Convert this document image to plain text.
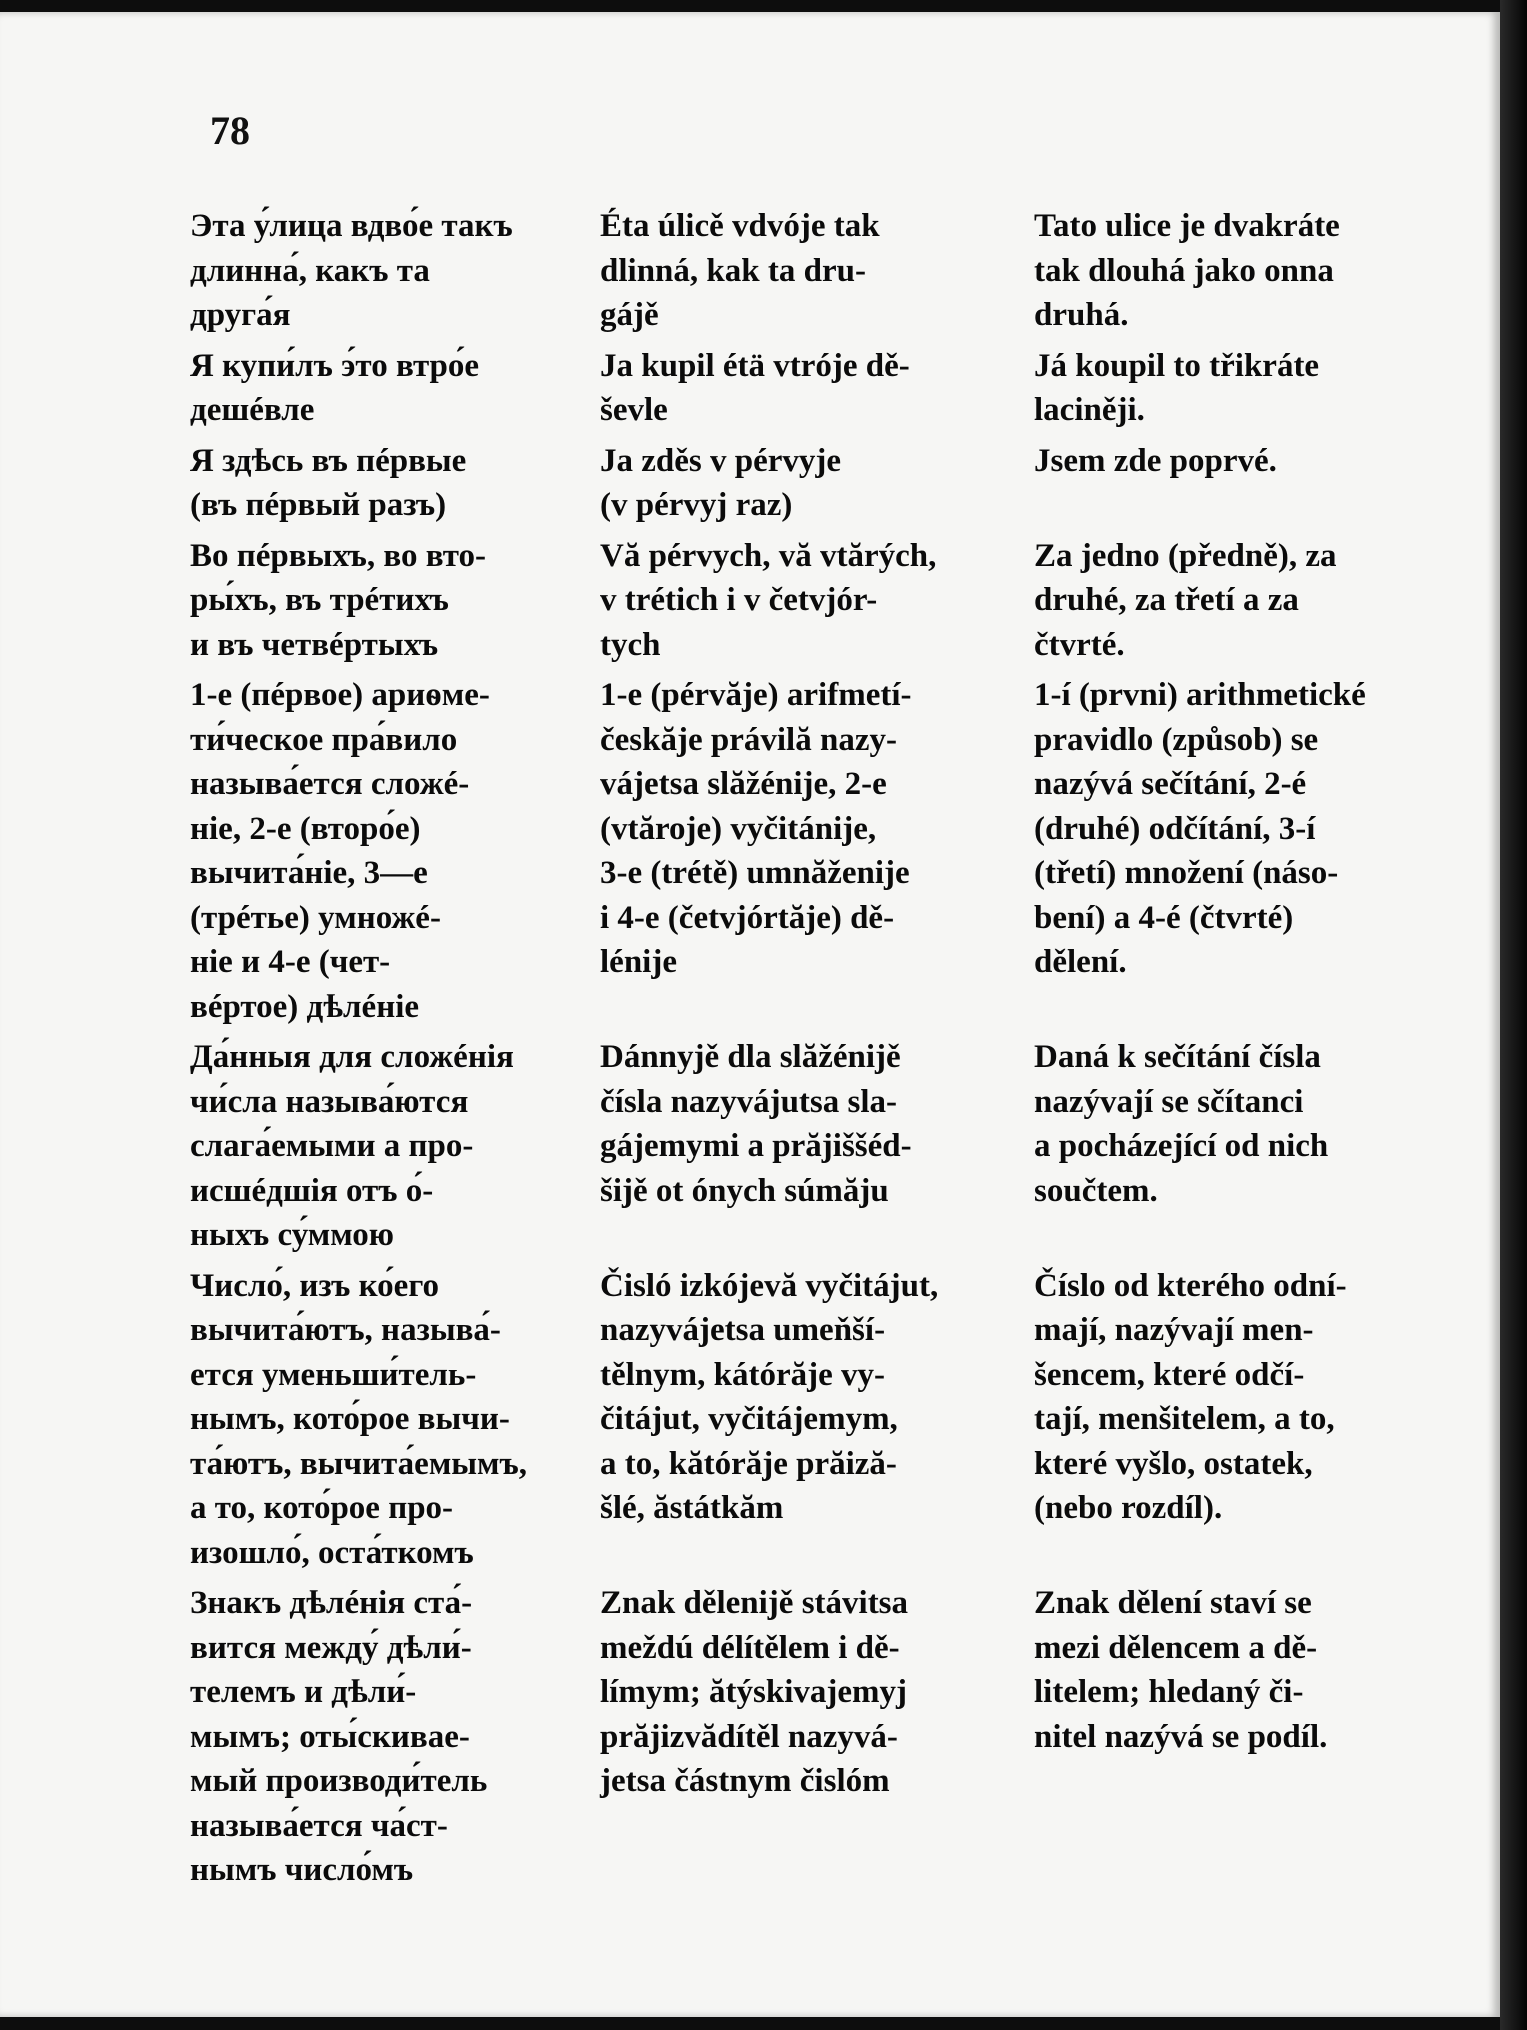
78
Эта у́лица вдво́е такъ
длинна́, какъ та
друга́я
Éta úlicě vdvóje tak
dlinná, kak ta dru-
gájě
Tato ulice je dvakráte
tak dlouhá jako onna
druhá.
Я купи́лъ э́то втро́е
дешéвле
Ja kupil étä vtróje dě-
ševle
Já koupil to třikráte
laciněji.
Я здѣсь въ пéрвые
(въ пéрвый разъ)
Ja zděs v pérvyje
(v pérvyj raz)
Jsem zde poprvé.
Во пéрвыхъ, во вто-
ры́хъ, въ трéтихъ
и въ четвéртыхъ
Vă pérvych, vă vtărých,
v trétich i v četvjór-
tych
Za jedno (předně), za
druhé, za třetí a za
čtvrté.
1-е (пéрвое) ариѳме-
ти́ческое пра́вило
называ́ется сложé-
нiе, 2-е (второ́е)
вычита́нiе, 3—е
(трéтье) умножé-
нiе и 4-е (чет-
вéртое) дѣлéнiе
1-e (pérvăje) arifmetí-
českăje právilă nazy-
vájetsa slăžénije, 2-e
(vtăroje) vyčitánije,
3-e (trétě) umnăženije
i 4-e (četvjórtăje) dě-
lénije
1-í (prvni) arithmetické
pravidlo (způsob) se
nazývá sečítání, 2-é
(druhé) odčítání, 3-í
(třetí) množení (náso-
bení) a 4-é (čtvrté)
dělení.
Да́нныя для сложéнiя
чи́сла называ́ются
слага́емыми а про-
исшéдшiя отъ о́-
ныхъ су́ммою
Dánnyjě dla slăžénijě
čísla nazyvájutsa sla-
gájemymi a prăjiššéd-
šijě ot ónych súmăju
Daná k sečítání čísla
nazývají se sčítanci
a pocházející od nich
součtem.
Число́, изъ ко́его
вычита́ютъ, называ́-
ется уменьши́тель-
нымъ, кото́рое вычи-
та́ютъ, вычита́емымъ,
а то, кото́рое про-
изошло́, оста́ткомъ
Čisló izkójevă vyčitájut,
nazyvájetsa umeňší-
tělnym, kátórăje vy-
čitájut, vyčitájemym,
a to, kătórăje prăiză-
šlé, ăstátkăm
Číslo od kterého odní-
mají, nazývají men-
šencem, které odčí-
tají, menšitelem, a to,
které vyšlo, ostatek,
(nebo rozdíl).
Знакъ дѣлéнiя ста́-
вится между́ дѣли́-
телемъ и дѣли́-
мымъ; оты́скивае-
мый производи́тель
называ́ется ча́ст-
нымъ число́мъ
Znak dělenijě stávitsa
meždú délítělem i dě-
límym; ătýskivajemyj
prăjizvădítěl nazyvá-
jetsa částnym čislóm
Znak dělení staví se
mezi dělencem a dě-
litelem; hledaný či-
nitel nazývá se podíl.
